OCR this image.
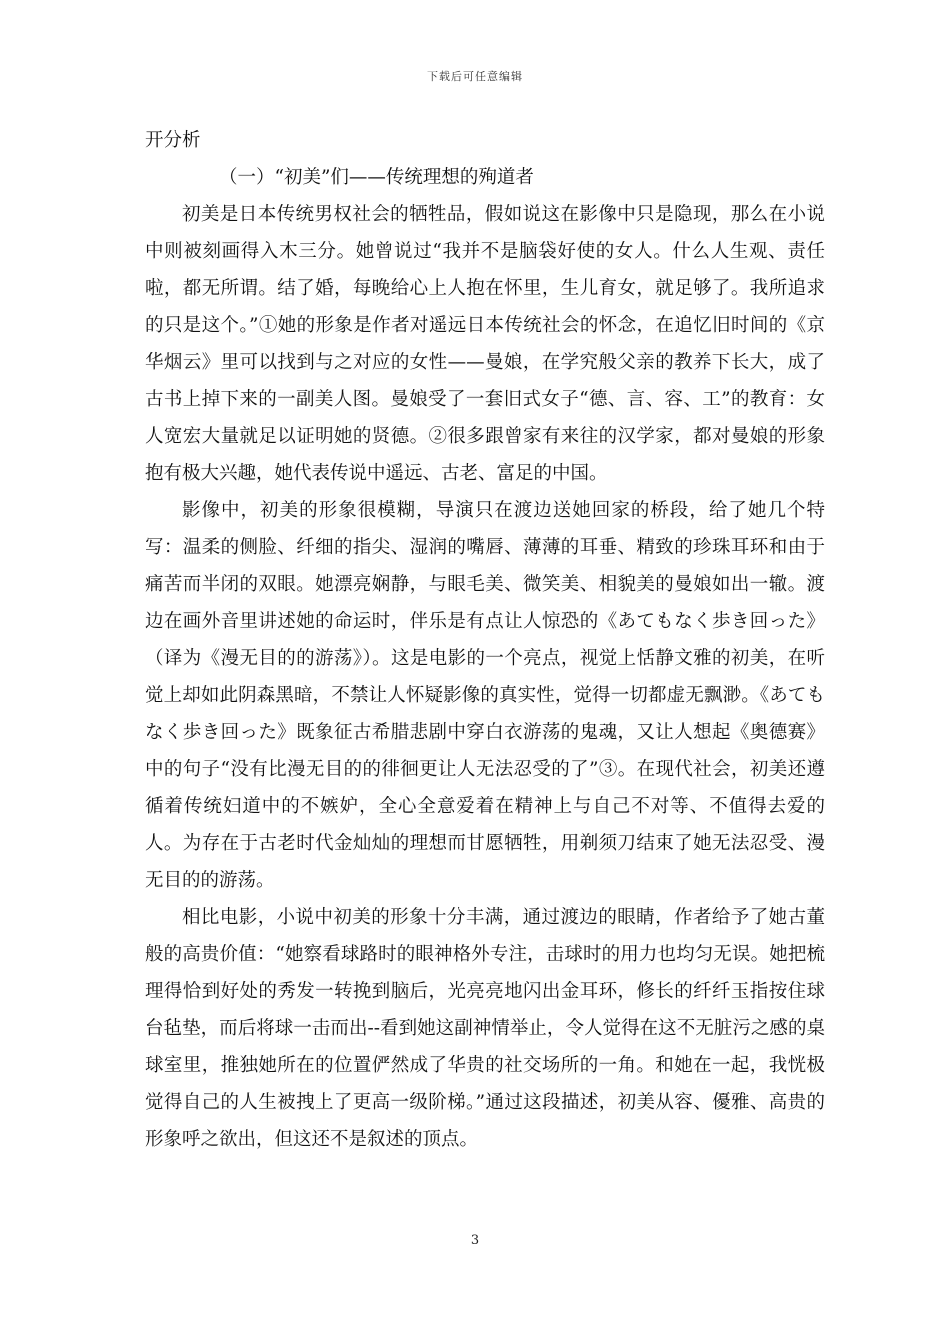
下载后可任意编辑

开分析

（一）“初美”们——传统理想的殉道者

初美是日本传统男权社会的牺牲品，假如说这在影像中只是隐现，那么在小说中则被刻画得入木三分。她曾说过“我并不是脑袋好使的女人。什么人生观、责任啦，都无所谓。结了婚，每晚给心上人抱在怀里，生儿育女，就足够了。我所追求的只是这个。”①她的形象是作者对遥远日本传统社会的怀念，在追忆旧时间的《京华烟云》里可以找到与之对应的女性——曼娘，在学究般父亲的教养下长大，成了古书上掉下来的一副美人图。曼娘受了一套旧式女子“德、言、容、工”的教育：女人宽宏大量就足以证明她的贤德。②很多跟曾家有来往的汉学家，都对曼娘的形象抱有极大兴趣，她代表传说中遥远、古老、富足的中国。

影像中，初美的形象很模糊，导演只在渡边送她回家的桥段，给了她几个特写：温柔的侧脸、纤细的指尖、湿润的嘴唇、薄薄的耳垂、精致的珍珠耳环和由于痛苦而半闭的双眼。她漂亮娴静，与眼毛美、微笑美、相貌美的曼娘如出一辙。渡边在画外音里讲述她的命运时，伴乐是有点让人惊恐的《あてもなく歩き回った》（译为《漫无目的的游荡》）。这是电影的一个亮点，视觉上恬静文雅的初美，在听觉上却如此阴森黑暗，不禁让人怀疑影像的真实性，觉得一切都虚无飘渺。《あてもなく歩き回った》既象征古希腊悲剧中穿白衣游荡的鬼魂，又让人想起《奥德赛》中的句子“没有比漫无目的的徘徊更让人无法忍受的了”③。在现代社会，初美还遵循着传统妇道中的不嫉妒，全心全意爱着在精神上与自己不对等、不值得去爱的人。为存在于古老时代金灿灿的理想而甘愿牺牲，用剃须刀结束了她无法忍受、漫无目的的游荡。

相比电影，小说中初美的形象十分丰满，通过渡边的眼睛，作者给予了她古董般的高贵价值：“她察看球路时的眼神格外专注，击球时的用力也均匀无误。她把梳理得恰到好处的秀发一转挽到脑后，光亮亮地闪出金耳环，修长的纤纤玉指按住球台毡垫，而后将球一击而出--看到她这副神情举止，令人觉得在这不无脏污之感的桌球室里，推独她所在的位置俨然成了华贵的社交场所的一角。和她在一起，我恍极觉得自己的人生被拽上了更高一级阶梯。”通过这段描述，初美从容、優雅、高贵的形象呼之欲出，但这还不是叙述的顶点。

3
